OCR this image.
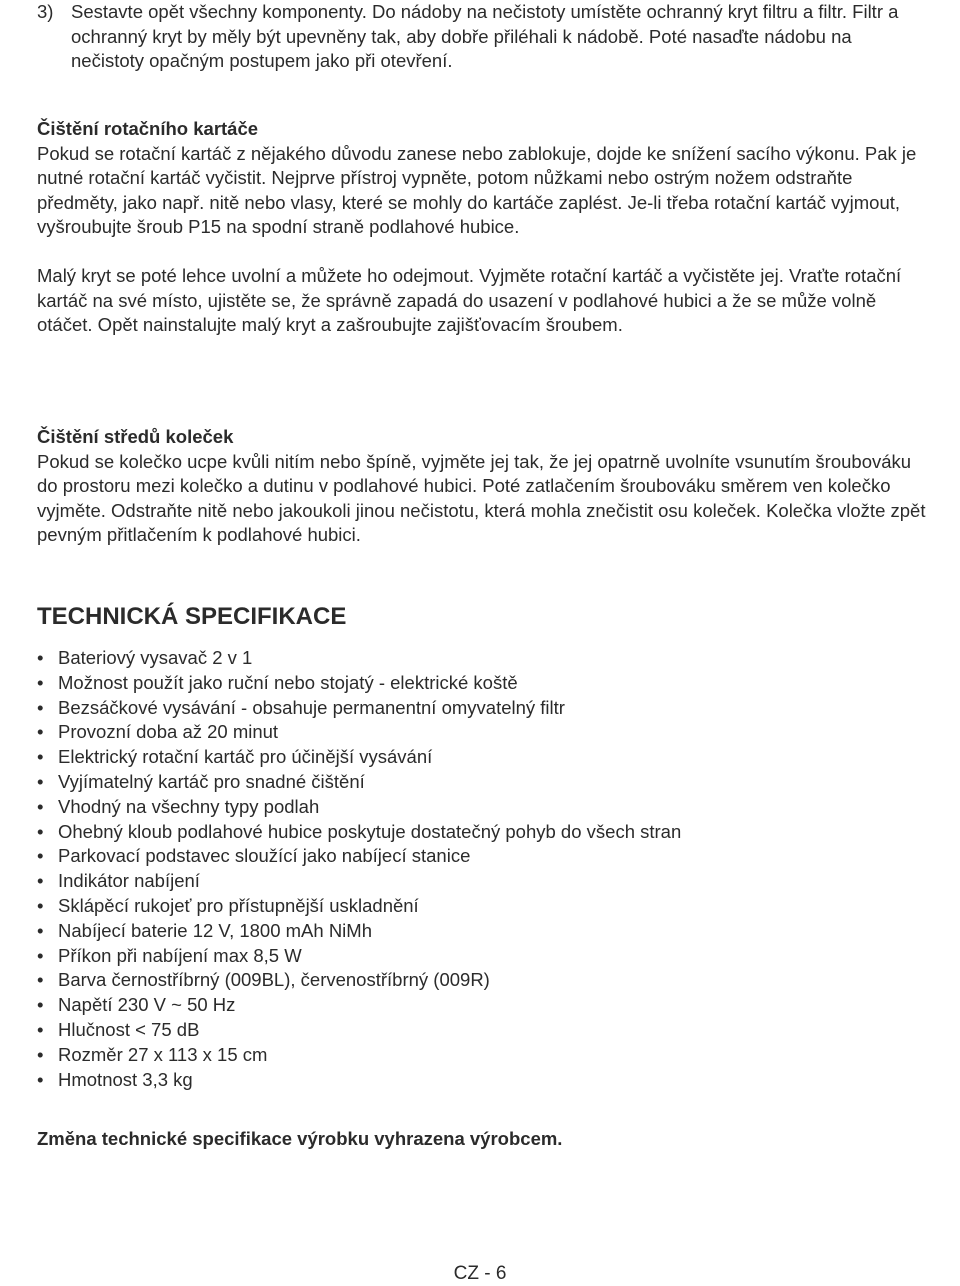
3) Sestavte opět všechny komponenty. Do nádoby na nečistoty umístěte ochranný kryt filtru a filtr. Filtr a ochranný kryt by měly být upevněny tak, aby dobře přiléhali k nádobě. Poté nasaďte nádobu na nečistoty opačným postupem jako při otevření.
Čištění rotačního kartáče

Pokud se rotační kartáč z nějakého důvodu zanese nebo zablokuje, dojde ke snížení sacího výkonu. Pak je nutné rotační kartáč vyčistit. Nejprve přístroj vypněte, potom nůžkami nebo ostrým nožem odstraňte předměty, jako např. nitě nebo vlasy, které se mohly do kartáče zaplést. Je-li třeba rotační kartáč vyjmout, vyšroubujte šroub P15 na spodní straně podlahové hubice.

Malý kryt se poté lehce uvolní a můžete ho odejmout. Vyjměte rotační kartáč a vyčistěte jej. Vraťte rotační kartáč na své místo, ujistěte se, že správně zapadá do usazení v podlahové hubici a že se může volně otáčet. Opět nainstalujte malý kryt a zašroubujte zajišťovacím šroubem.

Čištění středů koleček

Pokud se kolečko ucpe kvůli nitím nebo špíně, vyjměte jej tak, že jej opatrně uvolníte vsunutím šroubováku do prostoru mezi kolečko a dutinu v podlahové hubici. Poté zatlačením šroubováku směrem ven kolečko vyjměte. Odstraňte nitě nebo jakoukoli jinou nečistotu, která mohla znečistit osu koleček. Kolečka vložte zpět pevným přitlačením k podlahové hubici.

TECHNICKÁ SPECIFIKACE
• Bateriový vysavač 2 v 1
• Možnost použít jako ruční nebo stojatý - elektrické koště
• Bezsáčkové vysávání - obsahuje permanentní omyvatelný filtr
• Provozní doba až 20 minut
• Elektrický rotační kartáč pro účinější vysávání
• Vyjímatelný kartáč pro snadné čištění
• Vhodný na všechny typy podlah
• Ohebný kloub podlahové hubice poskytuje dostatečný pohyb do všech stran
• Parkovací podstavec sloužící jako nabíjecí stanice
• Indikátor nabíjení
• Sklápěcí rukojeť pro přístupnější uskladnění
• Nabíjecí baterie 12 V, 1800 mAh NiMh
• Příkon při nabíjení max 8,5 W
• Barva černostříbrný (009BL), červenostříbrný (009R)
• Napětí 230 V ~ 50 Hz
• Hlučnost < 75 dB
• Rozměr 27 x 113 x 15 cm
• Hmotnost 3,3 kg

Změna technické specifikace výrobku vyhrazena výrobcem.

CZ - 6
